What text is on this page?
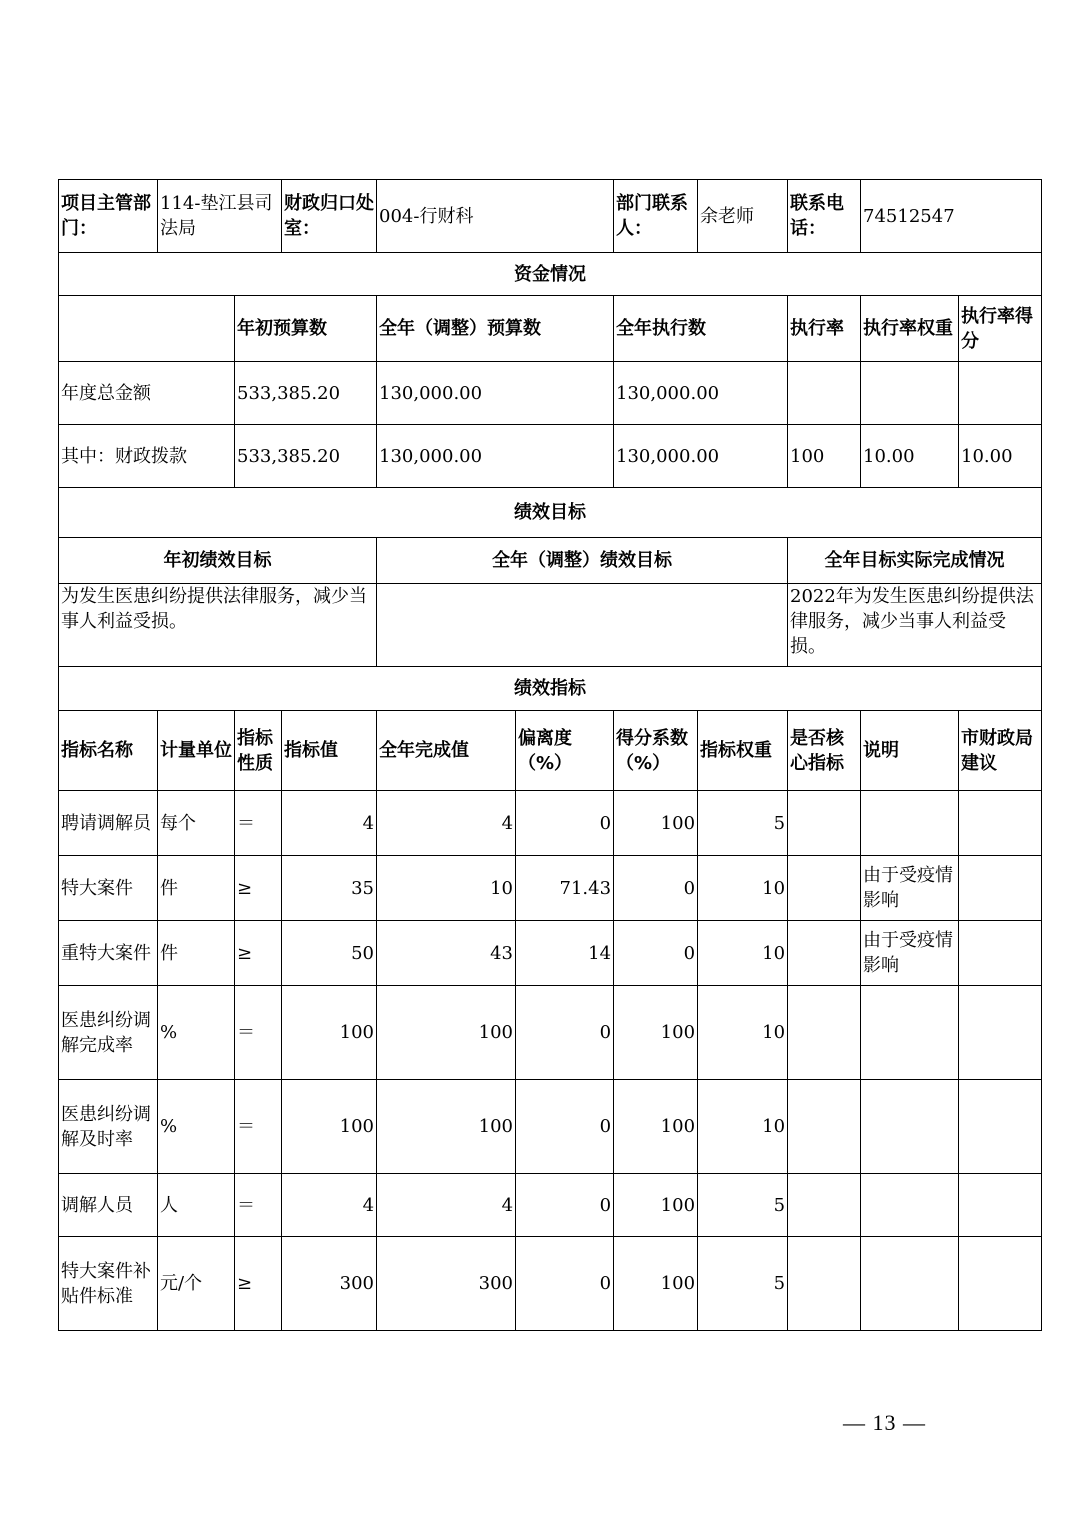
项目主管部门：	114-垫江县司法局		财政归口处室：	004-行财科		部门联系人：	余老师	联系电话：	74512547	
资金情况										
		年初预算数		全年（调整）预算数		全年执行数		执行率	执行率权重	执行率得分
年度总金额		533,385.20		130,000.00		130,000.00				
其中：财政拨款		533,385.20		130,000.00		130,000.00		100	10.00	10.00
绩效目标										
年初绩效目标				全年（调整）绩效目标				全年目标实际完成情况		
为发生医患纠纷提供法律服务，减少当事人利益受损。								2022年为发生医患纠纷提供法律服务，减少当事人利益受损。		
绩效指标										
指标名称	计量单位	指标性质	指标值	全年完成值	偏离度（%）	得分系数（%）	指标权重	是否核心指标	说明	市财政局建议
聘请调解员	每个	＝	4	4	0	100	5			
特大案件	件	≥	35	10	71.43	0	10		由于受疫情影响	
重特大案件	件	≥	50	43	14	0	10		由于受疫情影响	
医患纠纷调解完成率	%	＝	100	100	0	100	10			
医患纠纷调解及时率	%	＝	100	100	0	100	10			
调解人员	人	＝	4	4	0	100	5			
特大案件补贴件标准	元/个	≥	300	300	0	100	5			
— 13 —
